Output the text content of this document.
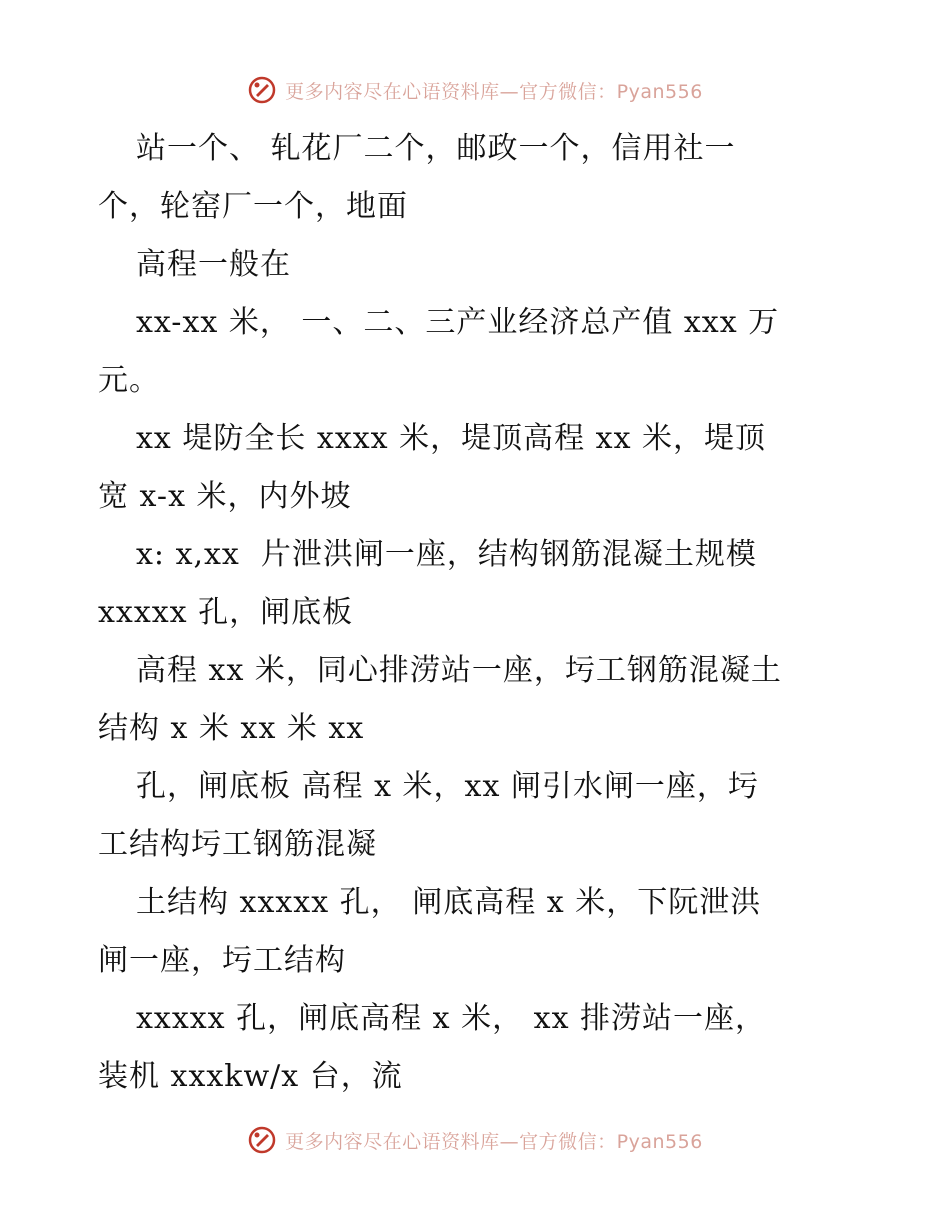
更多内容尽在心语资料库—官方微信：Pyan556
站一个、 轧花厂二个，邮政一个，信用社一
个，轮窑厂一个，地面
高程一般在
xx-xx 米， 一、二、三产业经济总产值 xxx 万
元。
xx 堤防全长 xxxx 米，堤顶高程 xx 米，堤顶
宽 x-x 米，内外坡
x: x,xx  片泄洪闸一座，结构钢筋混凝土规模
xxxxx 孔，闸底板
高程 xx 米，同心排涝站一座，圬工钢筋混凝土
结构 x 米 xx 米 xx
孔，闸底板 高程 x 米，xx 闸引水闸一座，圬
工结构圬工钢筋混凝
土结构 xxxxx 孔， 闸底高程 x 米，下阮泄洪
闸一座，圬工结构
xxxxx 孔，闸底高程 x 米， xx 排涝站一座，
装机 xxxkw/x 台，流
更多内容尽在心语资料库—官方微信：Pyan556
